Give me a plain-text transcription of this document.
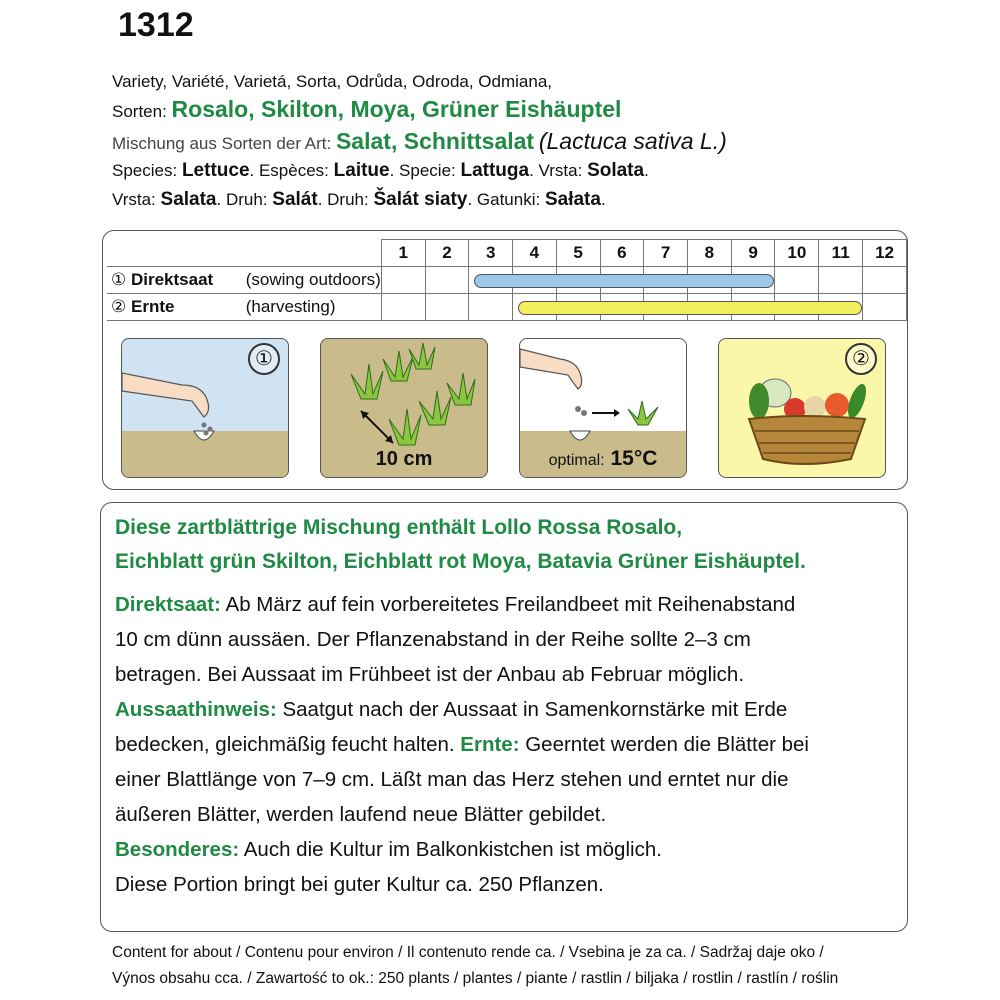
1312
Variety, Variété, Varietá, Sorta, Odrůda, Odroda, Odmiana,
Sorten: Rosalo, Skilton, Moya, Grüner Eishäuptel
Mischung aus Sorten der Art: Salat, Schnittsalat (Lactuca sativa L.)
Species: Lettuce. Espèces: Laitue. Specie: Lattuga. Vrsta: Solata.
Vrsta: Salata. Druh: Salát. Druh: Šalát siaty. Gatunki: Sałata.
	1	2	3	4	5	6	7	8	9	10	11	12
① Direktsaat (sowing outdoors)												
② Ernte (harvesting)												
①
10 cm	optimal: 15°C
②
Diese zartblättrige Mischung enthält Lollo Rossa Rosalo,
Eichblatt grün Skilton, Eichblatt rot Moya, Batavia Grüner Eishäuptel.
Direktsaat: Ab März auf fein vorbereitetes Freilandbeet mit Reihenabstand
10 cm dünn aussäen. Der Pflanzenabstand in der Reihe sollte 2–3 cm
betragen. Bei Aussaat im Frühbeet ist der Anbau ab Februar möglich.
Aussaathinweis: Saatgut nach der Aussaat in Samenkornstärke mit Erde
bedecken, gleichmäßig feucht halten. Ernte: Geerntet werden die Blätter bei
einer Blattlänge von 7–9 cm. Läßt man das Herz stehen und erntet nur die
äußeren Blätter, werden laufend neue Blätter gebildet.
Besonderes: Auch die Kultur im Balkonkistchen ist möglich.
Diese Portion bringt bei guter Kultur ca. 250 Pflanzen.
Content for about / Contenu pour environ / Il contenuto rende ca. / Vsebina je za ca. / Sadržaj daje oko /
Výnos obsahu cca. / Zawartość to ok.: 250 plants / plantes / piante / rastlin / biljaka / rostlin / rastlín / roślin
